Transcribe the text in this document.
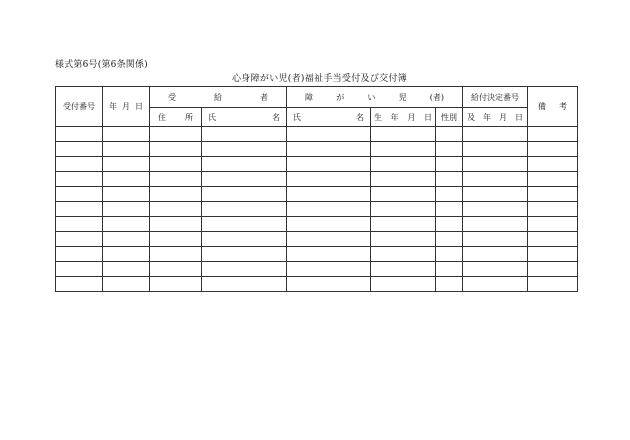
様式第6号(第6条関係)
心身障がい児(者)福祉手当受付及び交付簿
受付番号	年 月 日	受 給 者		障 が い 児 (者)			給付決定番号	備 考

		住 所	氏 名	氏 名	生 年 月 日	性別	及 年 月 日	
